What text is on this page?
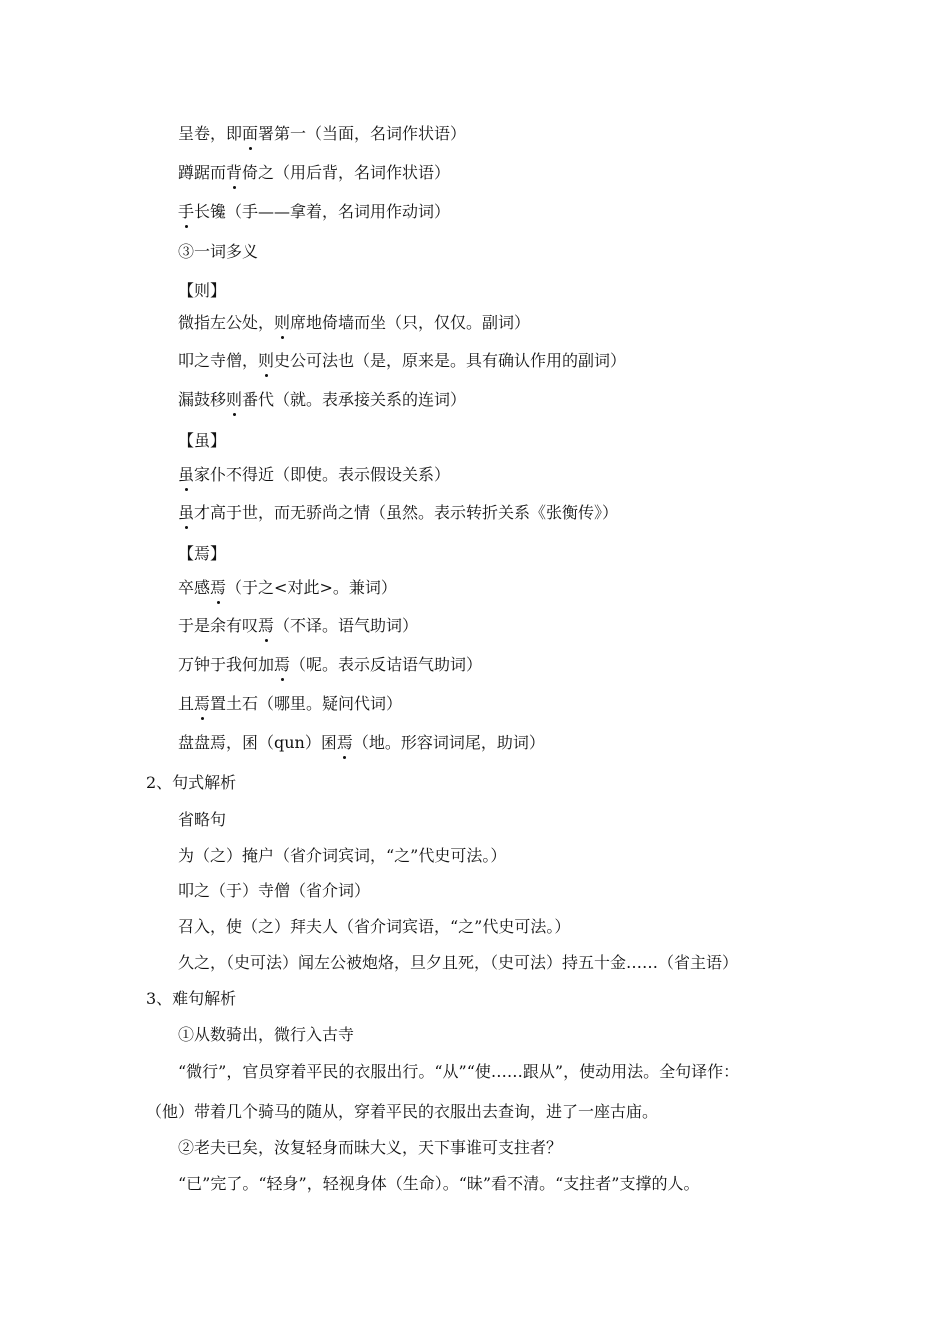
呈卷，即面署第一（当面，名词作状语）
蹲踞而背倚之（用后背，名词作状语）
手长镵（手——拿着，名词用作动词）
③一词多义
【则】
微指左公处，则席地倚墙而坐（只，仅仅。副词）
叩之寺僧，则史公可法也（是，原来是。具有确认作用的副词）
漏鼓移则番代（就。表承接关系的连词）
【虽】
虽家仆不得近（即使。表示假设关系）
虽才高于世，而无骄尚之情（虽然。表示转折关系《张衡传》）
【焉】
卒感焉（于之<对此>。兼词）
于是余有叹焉（不译。语气助词）
万钟于我何加焉（呢。表示反诘语气助词）
且焉置土石（哪里。疑问代词）
盘盘焉，囷（qun）囷焉（地。形容词词尾，助词）
2、句式解析
省略句
为（之）掩户（省介词宾词，“之”代史可法。）
叩之（于）寺僧（省介词）
召入，使（之）拜夫人（省介词宾语，“之”代史可法。）
久之，（史可法）闻左公被炮烙，旦夕且死，（史可法）持五十金……（省主语）
3、难句解析
①从数骑出，微行入古寺
“微行”，官员穿着平民的衣服出行。“从”“使……跟从”，使动用法。全句译作：
（他）带着几个骑马的随从，穿着平民的衣服出去查询，进了一座古庙。
②老夫已矣，汝复轻身而昧大义，天下事谁可支拄者？
“已”完了。“轻身”，轻视身体（生命）。“昧”看不清。“支拄者”支撑的人。
